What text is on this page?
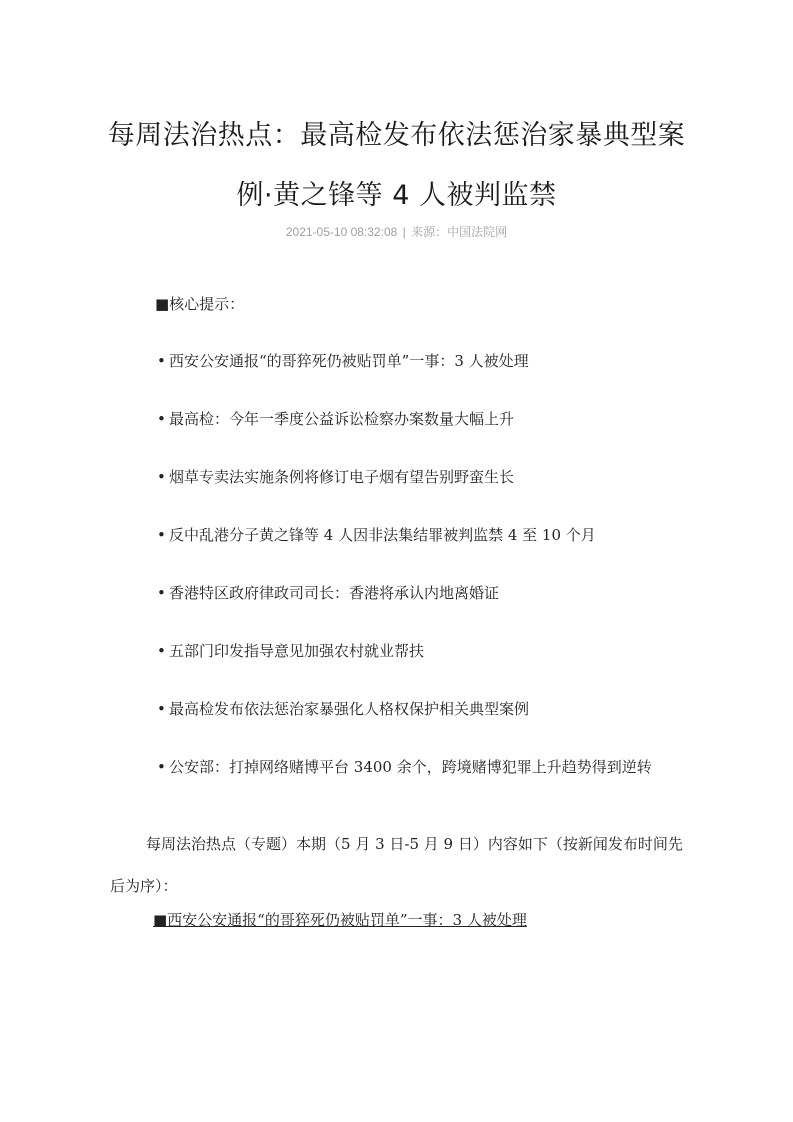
每周法治热点：最高检发布依法惩治家暴典型案
例·黄之锋等 4 人被判监禁
2021-05-10 08:32:08 | 来源：中国法院网
■核心提示：
• 西安公安通报“的哥猝死仍被贴罚单”一事：3 人被处理
• 最高检：今年一季度公益诉讼检察办案数量大幅上升
• 烟草专卖法实施条例将修订电子烟有望告别野蛮生长
• 反中乱港分子黄之锋等 4 人因非法集结罪被判监禁 4 至 10 个月
• 香港特区政府律政司司长：香港将承认内地离婚证
• 五部门印发指导意见加强农村就业帮扶
• 最高检发布依法惩治家暴强化人格权保护相关典型案例
• 公安部：打掉网络赌博平台 3400 余个，跨境赌博犯罪上升趋势得到逆转

每周法治热点（专题）本期（5 月 3 日-5 月 9 日）内容如下（按新闻发布时间先后为序）：

■西安公安通报“的哥猝死仍被贴罚单”一事：3 人被处理
